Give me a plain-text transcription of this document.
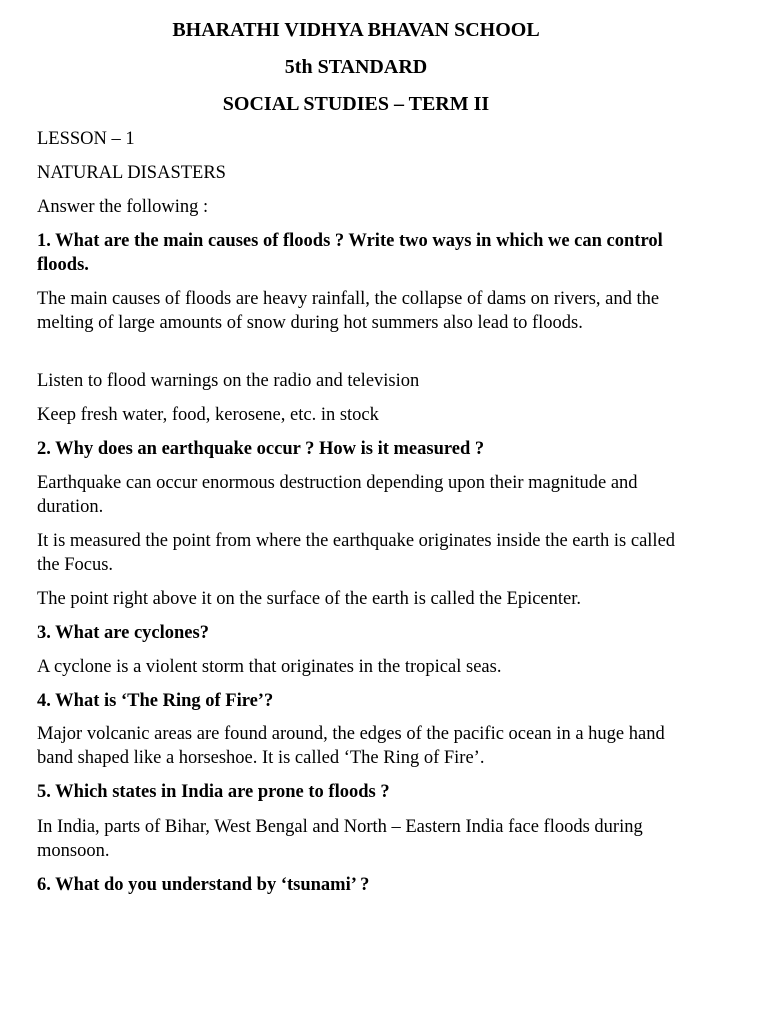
BHARATHI VIDHYA BHAVAN SCHOOL
5th STANDARD
SOCIAL STUDIES – TERM II
LESSON – 1
NATURAL DISASTERS
Answer the following :
1. What are the main causes of floods ? Write two ways in which we can control floods.
The main causes of floods are heavy rainfall, the collapse of dams on rivers, and the melting of large amounts of snow during hot summers also lead to floods.
Listen to flood warnings on the radio and television
Keep fresh water, food, kerosene, etc. in stock
2. Why does an earthquake occur ? How is it measured ?
Earthquake can occur enormous destruction depending upon their magnitude and duration.
It is measured the point from where the earthquake originates inside the earth is called the Focus.
The point right above it on the surface of the earth is called the Epicenter.
3. What are cyclones?
A cyclone is a violent storm that originates in the tropical seas.
4. What is ‘The Ring of Fire’?
Major volcanic areas are found around, the edges of the pacific ocean in a huge hand band shaped like a horseshoe. It is called ‘The Ring of Fire’.
5. Which states in India are prone to floods ?
In India, parts of Bihar, West Bengal and North – Eastern India face floods during monsoon.
6. What do you understand by ‘tsunami’ ?
